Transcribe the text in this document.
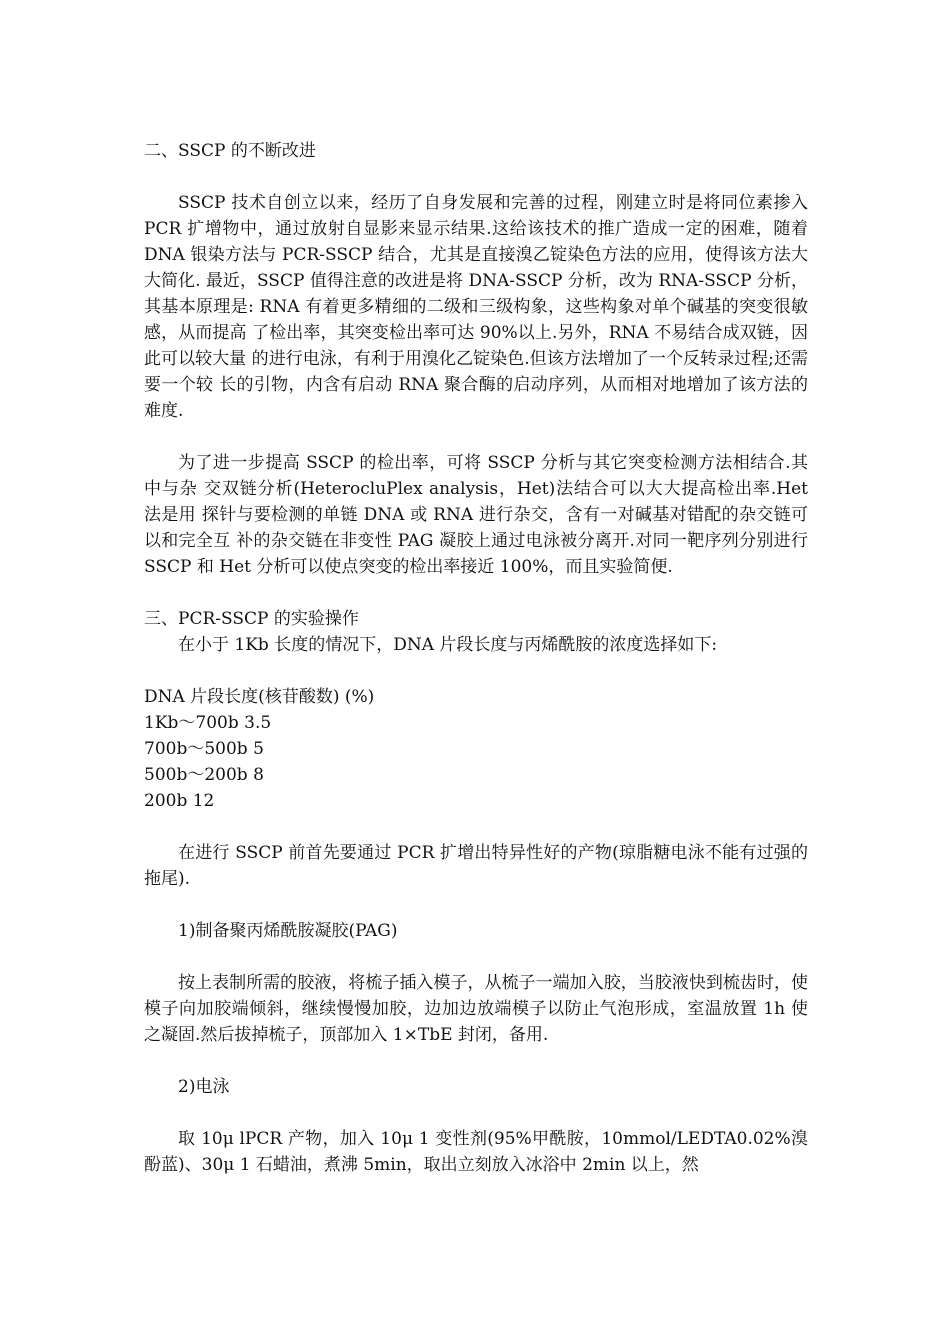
二、SSCP 的不断改进

SSCP 技术自创立以来，经历了自身发展和完善的过程，刚建立时是将同位素掺入 PCR 扩增物中，通过放射自显影来显示结果.这给该技术的推广造成一定的困难，随着 DNA 银染方法与 PCR-SSCP 结合，尤其是直接溴乙锭染色方法的应用，使得该方法大大简化. 最近，SSCP 值得注意的改进是将 DNA-SSCP 分析，改为 RNA-SSCP 分析，其基本原理是: RNA 有着更多精细的二级和三级构象，这些构象对单个碱基的突变很敏感，从而提高 了检出率，其突变检出率可达 90%以上.另外，RNA 不易结合成双链，因此可以较大量 的进行电泳，有利于用溴化乙锭染色.但该方法增加了一个反转录过程;还需要一个较 长的引物，内含有启动 RNA 聚合酶的启动序列，从而相对地增加了该方法的难度.

为了进一步提高 SSCP 的检出率，可将 SSCP 分析与其它突变检测方法相结合.其中与杂 交双链分析(HeterocluPlex analysis，Het)法结合可以大大提高检出率.Het 法是用 探针与要检测的单链 DNA 或 RNA 进行杂交，含有一对碱基对错配的杂交链可以和完全互 补的杂交链在非变性 PAG 凝胶上通过电泳被分离开.对同一靶序列分别进行 SSCP 和 Het 分析可以使点突变的检出率接近 100%，而且实验简便.

三、PCR-SSCP 的实验操作

在小于 1Kb 长度的情况下，DNA 片段长度与丙烯酰胺的浓度选择如下:

DNA 片段长度(核苷酸数) (%)

1Kb～700b 3.5

700b～500b 5

500b～200b 8

200b 12

在进行 SSCP 前首先要通过 PCR 扩增出特异性好的产物(琼脂糖电泳不能有过强的拖尾).

1)制备聚丙烯酰胺凝胶(PAG)

按上表制所需的胶液，将梳子插入模子，从梳子一端加入胶，当胶液快到梳齿时，使 模子向加胶端倾斜，继续慢慢加胶，边加边放端模子以防止气泡形成，室温放置 1h 使 之凝固.然后拔掉梳子，顶部加入 1×TbE 封闭，备用.

2)电泳

取 10μ lPCR 产物，加入 10μ 1 变性剂(95%甲酰胺，10mmol/LEDTA0.02%溴酚蓝)、30μ 1 石蜡油，煮沸 5min，取出立刻放入冰浴中 2min 以上，然
